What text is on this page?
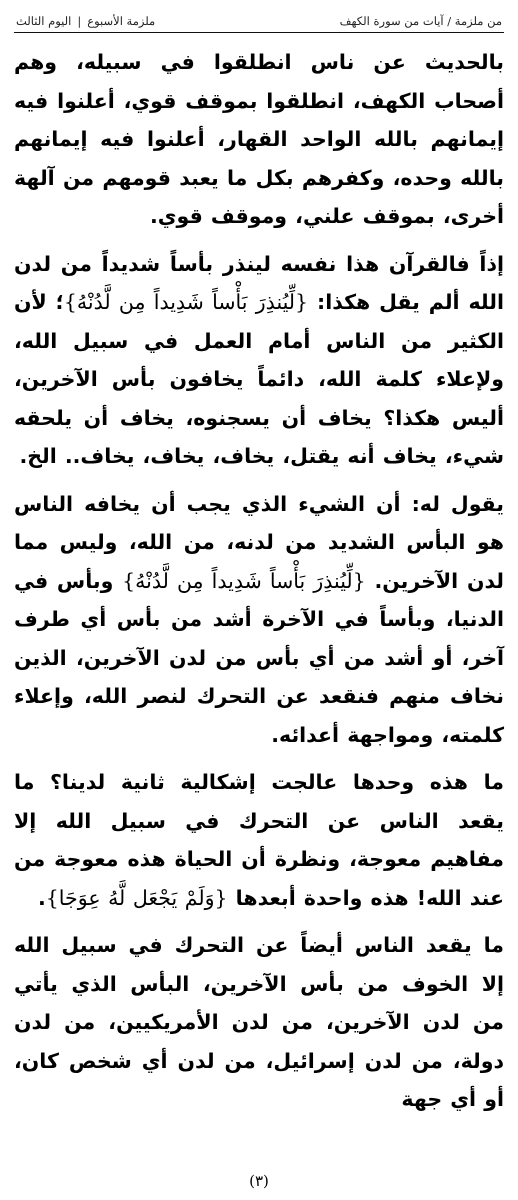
من ملزمة / آيات من سورة الكهف
ملزمة الأسبوع|اليوم الثالث

بالحديث عن ناس انطلقوا في سبيله، وهم أصحاب الكهف، انطلقوا بموقف قوي، أعلنوا فيه إيمانهم بالله الواحد القهار، أعلنوا فيه إيمانهم بالله وحده، وكفرهم بكل ما يعبد قومهم من آلهة أخرى، بموقف علني، وموقف قوي.

إذاً فالقرآن هذا نفسه لينذر بأساً شديداً من لدن الله ألم يقل هكذا: {لِّيُنذِرَ بَأْساً شَدِيداً مِن لَّدُنْهُ}؛ لأن الكثير من الناس أمام العمل في سبيل الله، ولإعلاء كلمة الله، دائماً يخافون بأس الآخرين، أليس هكذا؟ يخاف أن يسجنوه، يخاف أن يلحقه شيء، يخاف أنه يقتل، يخاف، يخاف، يخاف.. الخ.

يقول له: أن الشيء الذي يجب أن يخافه الناس هو البأس الشديد من لدنه، من الله، وليس مما لدن الآخرين. {لِّيُنذِرَ بَأْساً شَدِيداً مِن لَّدُنْهُ} وبأس في الدنيا، وبأساً في الآخرة أشد من بأس أي طرف آخر، أو أشد من أي بأس من لدن الآخرين، الذين نخاف منهم فنقعد عن التحرك لنصر الله، وإعلاء كلمته، ومواجهة أعدائه.

ما هذه وحدها عالجت إشكالية ثانية لدينا؟ ما يقعد الناس عن التحرك في سبيل الله إلا مفاهيم معوجة، ونظرة أن الحياة هذه معوجة من عند الله! هذه واحدة أبعدها {وَلَمْ يَجْعَل لَّهُ عِوَجَا}.

ما يقعد الناس أيضاً عن التحرك في سبيل الله إلا الخوف من بأس الآخرين، البأس الذي يأتي من لدن الآخرين، من لدن الأمريكيين، من لدن دولة، من لدن إسرائيل، من لدن أي شخص كان، أو أي جهة

(٣)
